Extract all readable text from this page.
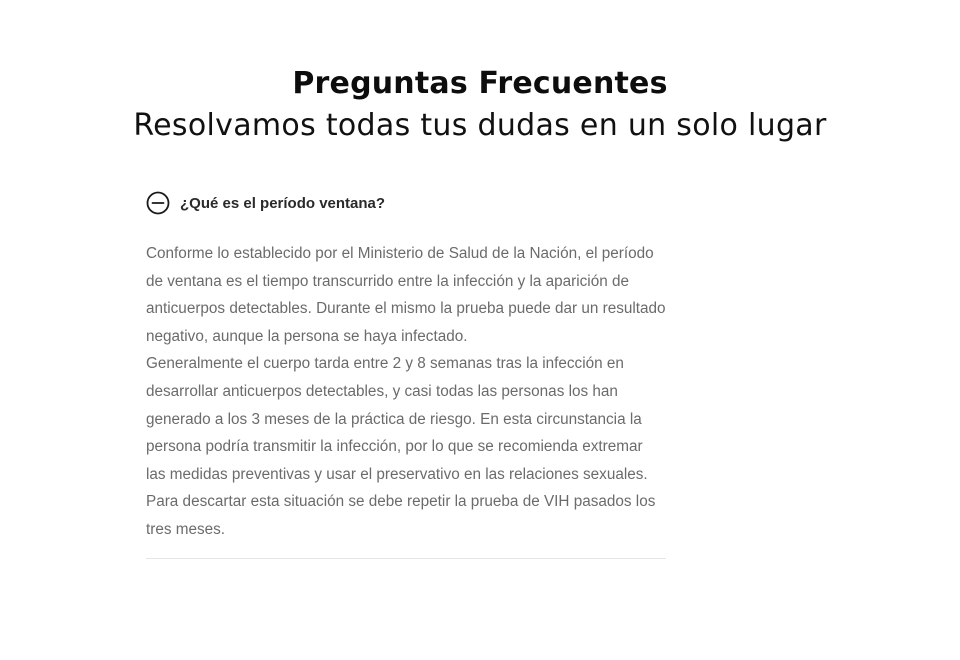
Preguntas Frecuentes

Resolvamos todas tus dudas en un solo lugar

¿Qué es el período ventana?

Conforme lo establecido por el Ministerio de Salud de la Nación, el período de ventana es el tiempo transcurrido entre la infección y la aparición de anticuerpos detectables. Durante el mismo la prueba puede dar un resultado negativo, aunque la persona se haya infectado.

Generalmente el cuerpo tarda entre 2 y 8 semanas tras la infección en desarrollar anticuerpos detectables, y casi todas las personas los han generado a los 3 meses de la práctica de riesgo. En esta circunstancia la persona podría transmitir la infección, por lo que se recomienda extremar las medidas preventivas y usar el preservativo en las relaciones sexuales. Para descartar esta situación se debe repetir la prueba de VIH pasados los tres meses.
